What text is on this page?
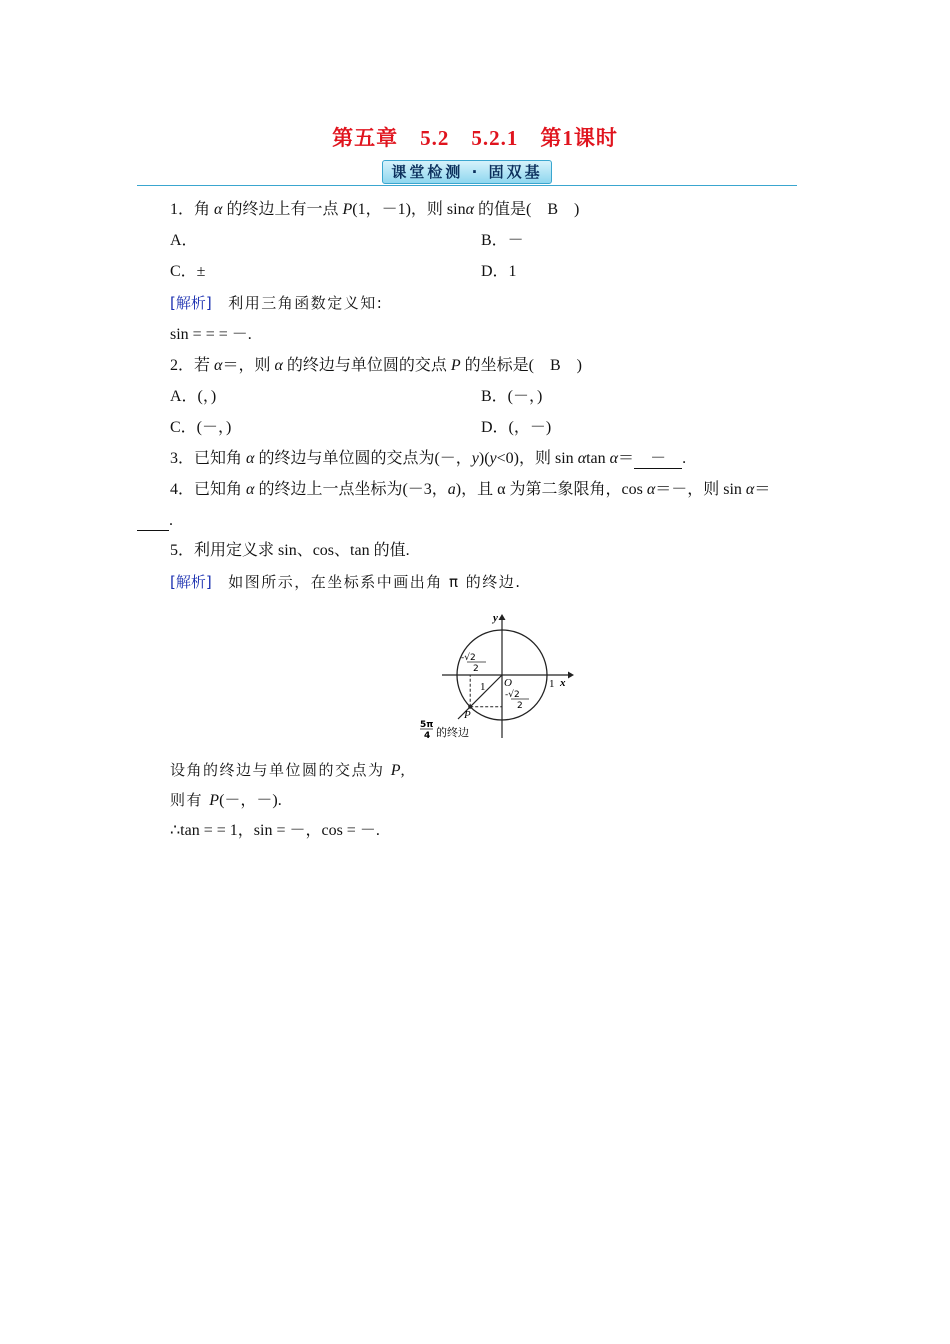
第五章　5.2　5.2.1　第1课时
课堂检测 · 固双基
1．角 α 的终边上有一点 P(1，－1)，则 sinα 的值是(　B　)
A．	B．－
C．±	D．1
[解析]　利用三角函数定义知:
sin = = = －.
2．若 α＝，则 α 的终边与单位圆的交点 P 的坐标是(　B　)
A．(，)	B．(－，)
C．(－，)	D．(，－)
3．已知角 α 的终边与单位圆的交点为(－，y)(y<0)，则 sin αtan α＝　－　.
4．已知角 α 的终边上一点坐标为(－3，a)，且 α 为第二象限角，cos α＝－，则 sin α＝
　　.
5．利用定义求 sin、cos、tan 的值.
[解析]　如图所示，在坐标系中画出角 π 的终边.
y
x
O	1
1
P
-√2
2
-√2
2
5π
4 的终边
设角的终边与单位圆的交点为 P,
则有 P(－，－).
∴tan = = 1，sin = －，cos = －.
